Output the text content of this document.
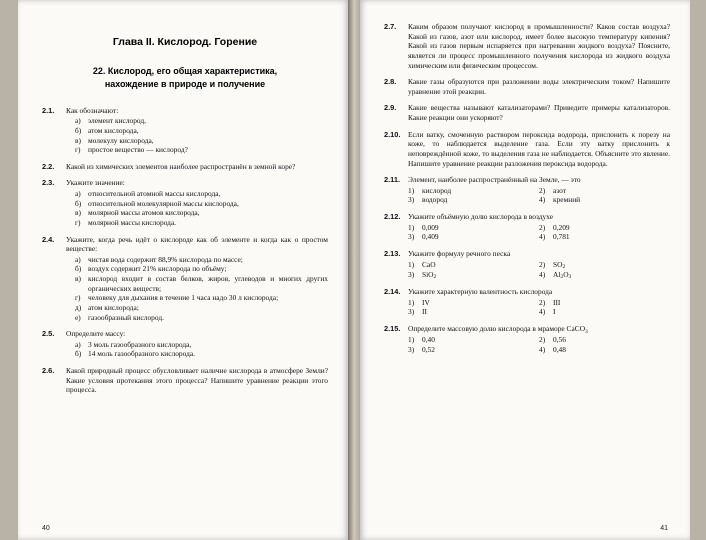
Глава II. Кислород. Горение
22. Кислород, его общая характеристика,
нахождение в природе и получение
2.1.	Как обозначают:
а) элемент кислород,
б) атом кислорода,
в) молекулу кислорода,
г)	простое вещество — кислород?
2.2.	Какой из химических элементов наиболее распространён в земной коре?
2.3.	Укажите значение:
а) относительной атомной массы кислорода,
б) относительной молекулярной массы кислорода,
в) молярной массы атомов кислорода,
г)	молярной массы кислорода.
2.4.	Укажите, когда речь идёт о кислороде как об элементе и когда как о простом веществе:
а) чистая вода содержит 88,9% кислорода по массе;
б) воздух содержит 21% кислорода по объёму;
в) кислород входит в состав белков, жиров, углеводов и многих других органических веществ;
г)	человеку для дыхания в течение 1 часа надо 30 л кислорода;
д) атом кислорода;
е) газообразный кислород.
2.5.	Определите массу:
а) 3 моль газообразного кислорода,
б) 14 моль газообразного кислорода.
2.6.	Какой природный процесс обусловливает наличие кислорода в атмосфере Земли? Какие условия протекания этого процесса? Напишите уравнение реакции этого процесса.
40
2.7.	Каким образом получают кислород в промышленности? Каков состав воздуха? Какой из газов, азот или кислород, имеет более высокую температуру кипения? Какой из газов первым испаряется при нагревании жидкого воздуха? Поясните, является ли процесс промышленного получения кислорода из жидкого воздуха химическим или физическим процессом.
2.8.	Какие газы образуются при разложении воды электрическим током? Напишите уравнение этой реакции.
2.9.	Какие вещества называют катализаторами? Приведите примеры катализаторов. Какие реакции они ускоряют?
2.10.	Если ватку, смоченную раствором пероксида водорода, прислонить к порезу на коже, то наблюдается выделение газа. Если эту ватку прислонить к неповреждённой коже, то выделения газа не наблюдается. Объясните это явление. Напишите уравнение реакции разложения пероксида водорода.
2.11.	Элемент, наиболее распространённый на Земле, — это
1)	кислород	2)	азот
3)	водород	4)	кремний
2.12.	Укажите объёмную долю кислорода в воздухе
1)	0,009	2)	0,209
3)	0,409	4)	0,781
2.13.	Укажите формулу речного песка
1)	CaO	2)	$SO_2$
3)	SiO$_2$	4)	$Al_2O_3$
2.14.	Укажите характерную валентность кислорода
1)	IV	2)	III
3)	II	4)	I
2.15.	Определите массовую долю кислорода в мраморе CaCO$_3$
1)	0,40	2)	0,56
3)	0,52	4)	0,48
41
